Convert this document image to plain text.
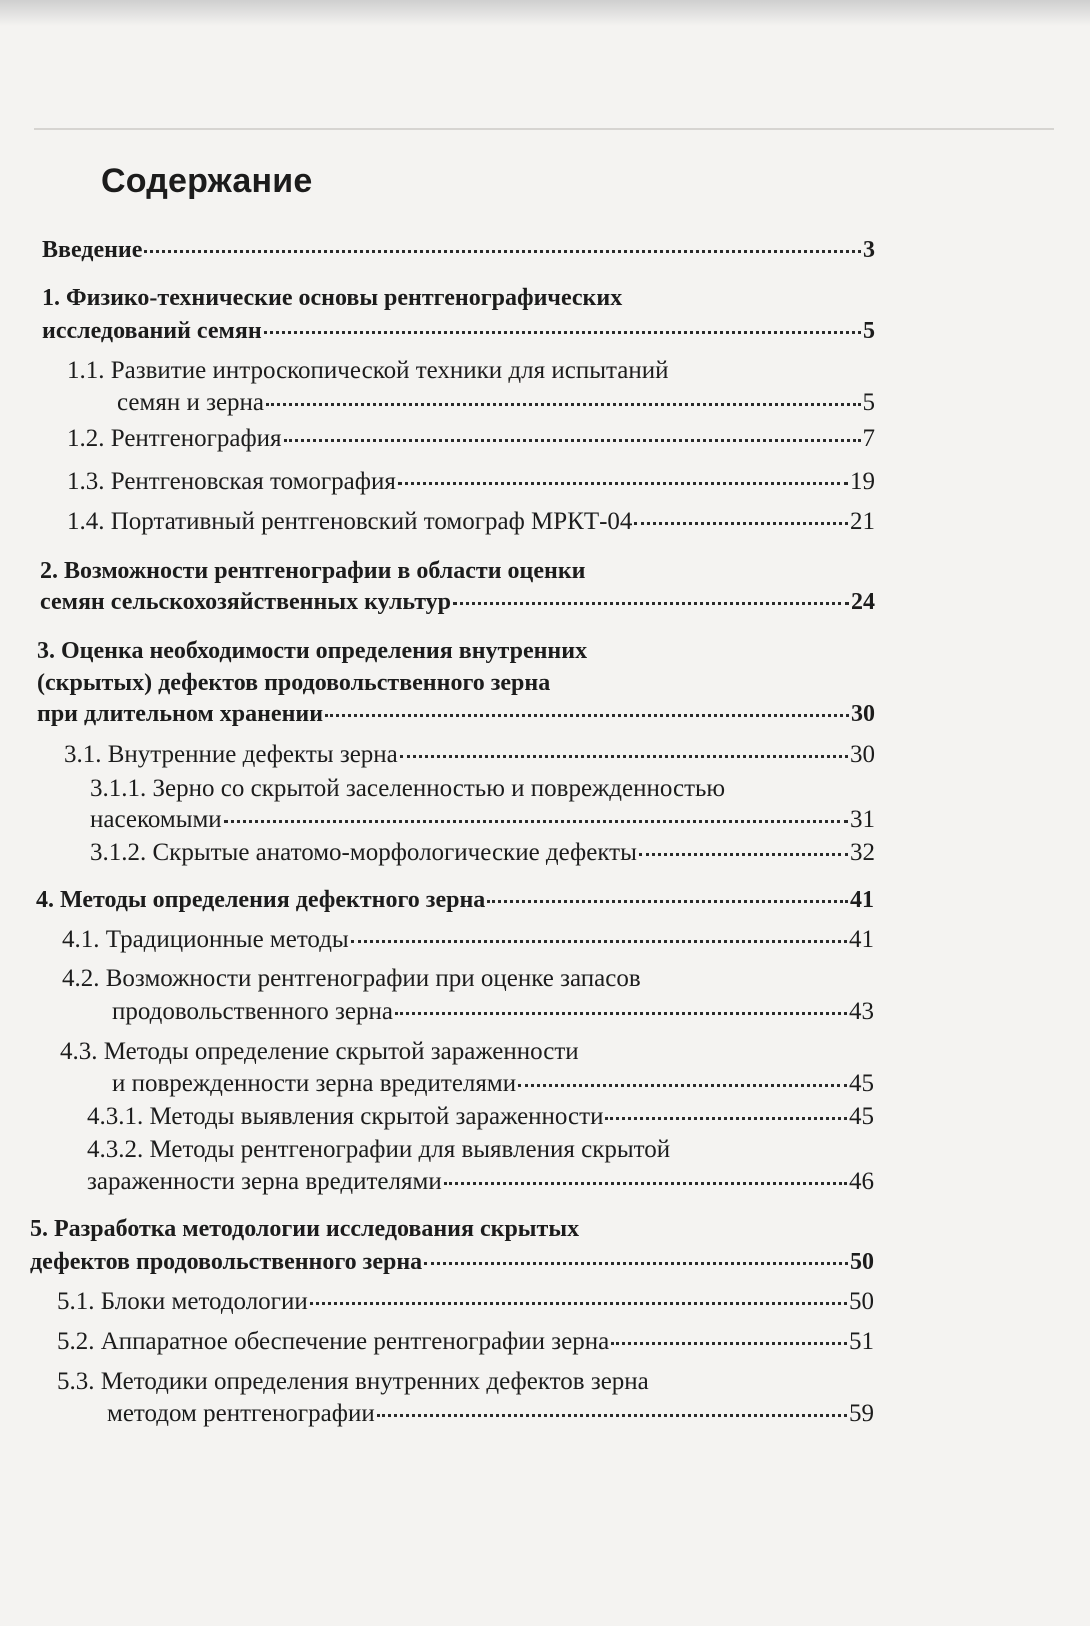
Содержание
Введение	3
1. Физико-технические основы рентгенографических
исследований семян	5
1.1. Развитие интроскопической техники для испытаний
семян и зерна	5
1.2. Рентгенография	7
1.3. Рентгеновская томография	19
1.4. Портативный рентгеновский томограф МРКТ-04	21
2. Возможности рентгенографии в области оценки
семян сельскохозяйственных культур	24
3. Оценка необходимости определения внутренних
(скрытых) дефектов продовольственного зерна
при длительном хранении	30
3.1. Внутренние дефекты зерна	30
3.1.1. Зерно со скрытой заселенностью и поврежденностью
насекомыми	31
3.1.2. Скрытые анатомо-морфологические дефекты	32
4. Методы определения дефектного зерна	41
4.1. Традиционные методы	41
4.2. Возможности рентгенографии при оценке запасов
продовольственного зерна	43
4.3. Методы определение скрытой зараженности
и поврежденности зерна вредителями	45
4.3.1. Методы выявления скрытой зараженности	45
4.3.2. Методы рентгенографии для выявления скрытой
зараженности зерна вредителями	46
5. Разработка методологии исследования скрытых
дефектов продовольственного зерна	50
5.1. Блоки методологии	50
5.2. Аппаратное обеспечение рентгенографии зерна	51
5.3. Методики определения внутренних дефектов зерна
методом рентгенографии	59
